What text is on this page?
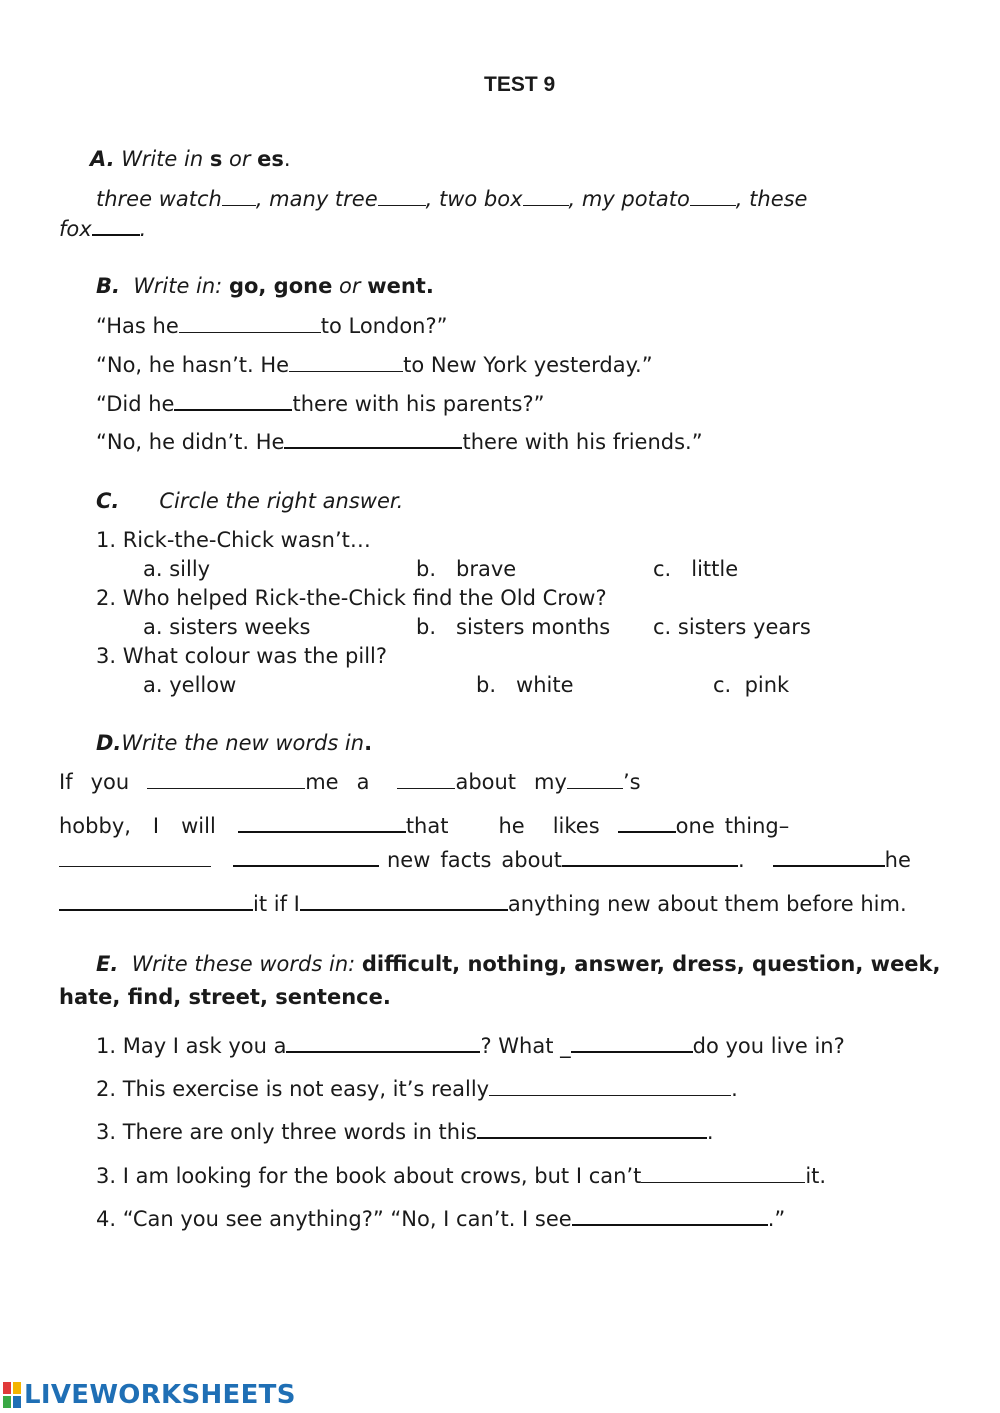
TEST 9
A. Write in s or es.
three watch , many tree , two box , my potato , these
fox .
B. Write in: go, gone or went.
“Has he	to London?”
“No, he hasn’t. He	to New York yesterday.”
“Did he	there with his parents?”
“No, he didn’t. He	there with his friends.”
C. Circle the right answer.
1. Rick-the-Chick wasn’t…
a. silly	b.   brave	c.   little
2. Who helped Rick-the-Chick find the Old Crow?
a. sisters weeks	b.   sisters months c. sisters years
3. What colour was the pill?
a. yellow	b.   white	c.  pink
D.Write the new words in.
If you	me a	about my	’s
hobby, I will	that he likes	one thing–
new facts about	.	he
it if I	anything new about them before him.
E. Write these words in: difficult, nothing, answer, dress, question, week,
hate, find, street, sentence.
1. May I ask you a	? What _	do you live in?
2. This exercise is not easy, it’s really	.
3. There are only three words in this	.
3. I am looking for the book about crows, but I can’t	it.
4. “Can you see anything?” “No, I can’t. I see	.”
LIVEWORKSHEETS
